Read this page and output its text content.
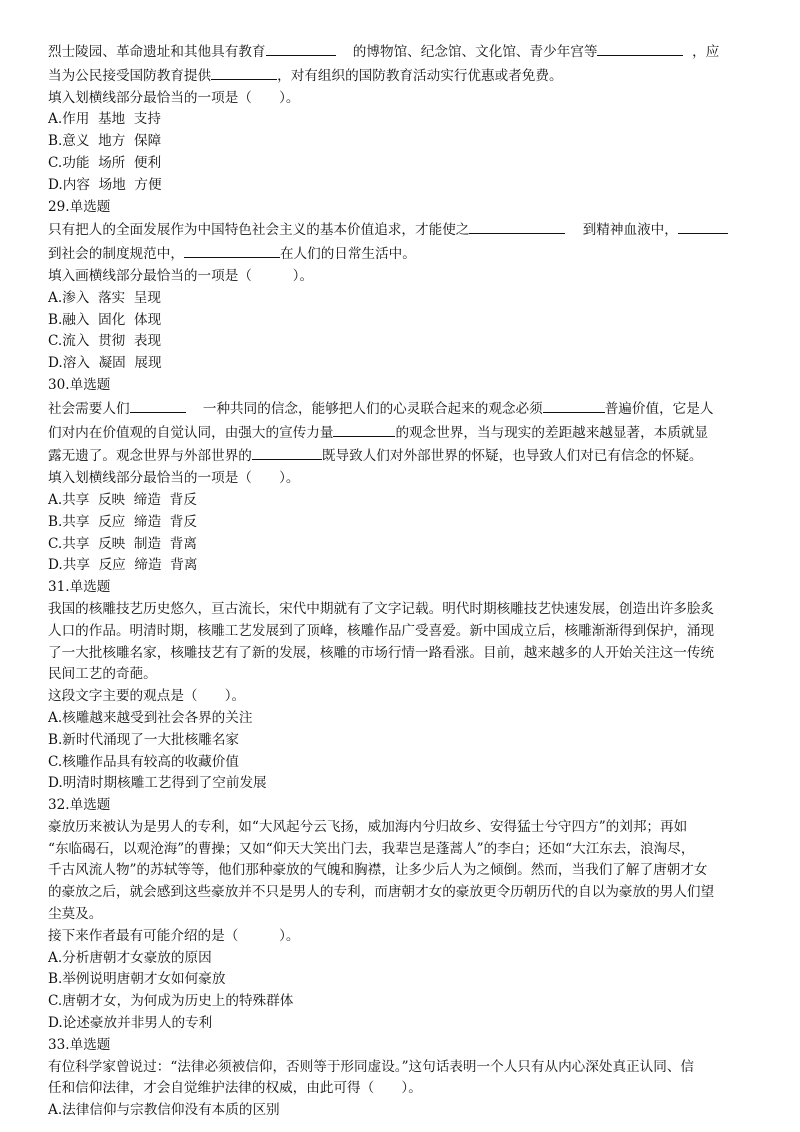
烈士陵园、革命遗址和其他具有教育	的博物馆、纪念馆、文化馆、青少年宫等	，应
当为公民接受国防教育提供	，对有组织的国防教育活动实行优惠或者免费。
填入划横线部分最恰当的一项是（　　）。
A.作用  基地  支持
B.意义  地方  保障
C.功能  场所  便利
D.内容  场地  方便
29.单选题
只有把人的全面发展作为中国特色社会主义的基本价值追求，才能使之	到精神血液中，
到社会的制度规范中，	在人们的日常生活中。
填入画横线部分最恰当的一项是（　　　）。
A.渗入  落实  呈现
B.融入  固化  体现
C.流入  贯彻  表现
D.溶入  凝固  展现
30.单选题
社会需要人们	一种共同的信念，能够把人们的心灵联合起来的观念必须	普遍价值，它是人
们对内在价值观的自觉认同，由强大的宣传力量	的观念世界，当与现实的差距越来越显著，本质就显
露无遗了。观念世界与外部世界的	既导致人们对外部世界的怀疑，也导致人们对已有信念的怀疑。
填入划横线部分最恰当的一项是（　　）。
A.共享  反映  缔造  背反
B.共享  反应  缔造  背反
C.共享  反映  制造  背离
D.共享  反应  缔造  背离
31.单选题
我国的核雕技艺历史悠久，亘古流长，宋代中期就有了文字记载。明代时期核雕技艺快速发展，创造出许多脍炙
人口的作品。明清时期，核雕工艺发展到了顶峰，核雕作品广受喜爱。新中国成立后，核雕渐渐得到保护，涌现
了一大批核雕名家，核雕技艺有了新的发展，核雕的市场行情一路看涨。目前，越来越多的人开始关注这一传统
民间工艺的奇葩。
这段文字主要的观点是（　　）。
A.核雕越来越受到社会各界的关注
B.新时代涌现了一大批核雕名家
C.核雕作品具有较高的收藏价值
D.明清时期核雕工艺得到了空前发展
32.单选题
豪放历来被认为是男人的专利，如“大风起兮云飞扬，威加海内兮归故乡、安得猛士兮守四方”的刘邦；再如
“东临碣石，以观沧海”的曹操；又如“仰天大笑出门去，我辈岂是蓬蒿人”的李白；还如“大江东去，浪淘尽，
千古风流人物”的苏轼等等，他们那种豪放的气魄和胸襟，让多少后人为之倾倒。然而，当我们了解了唐朝才女
的豪放之后，就会感到这些豪放并不只是男人的专利，而唐朝才女的豪放更令历朝历代的自以为豪放的男人们望
尘莫及。
接下来作者最有可能介绍的是（　　　）。
A.分析唐朝才女豪放的原因
B.举例说明唐朝才女如何豪放
C.唐朝才女，为何成为历史上的特殊群体
D.论述豪放并非男人的专利
33.单选题
有位科学家曾说过：“法律必须被信仰，否则等于形同虚设。”这句话表明一个人只有从内心深处真正认同、信
任和信仰法律，才会自觉维护法律的权威，由此可得（　　）。
A.法律信仰与宗教信仰没有本质的区别
